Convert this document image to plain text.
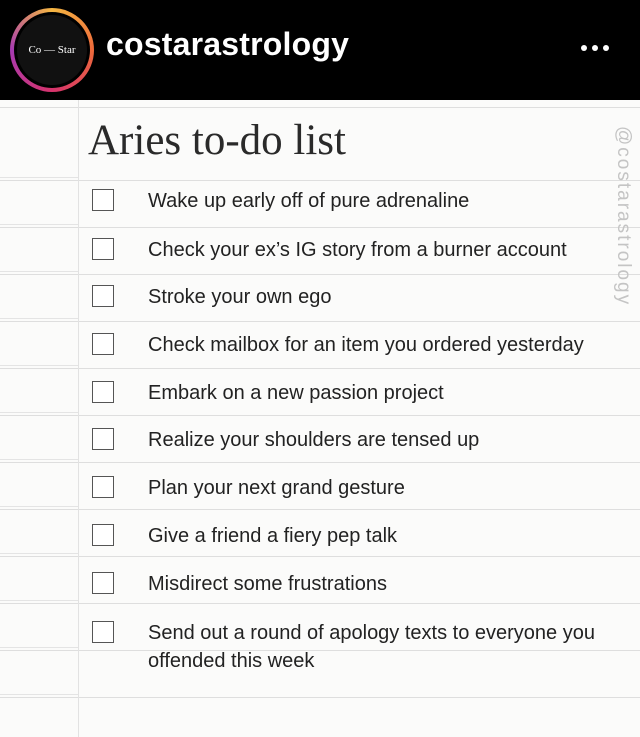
Co — Star costarastrology
Aries to-do list	@costarastrology
Wake up early off of pure adrenaline
Check your ex’s IG story from a burner account
Stroke your own ego
Check mailbox for an item you ordered yesterday
Embark on a new passion project
Realize your shoulders are tensed up
Plan your next grand gesture
Give a friend a fiery pep talk
Misdirect some frustrations
Send out a round of apology texts to everyone you offended this week
